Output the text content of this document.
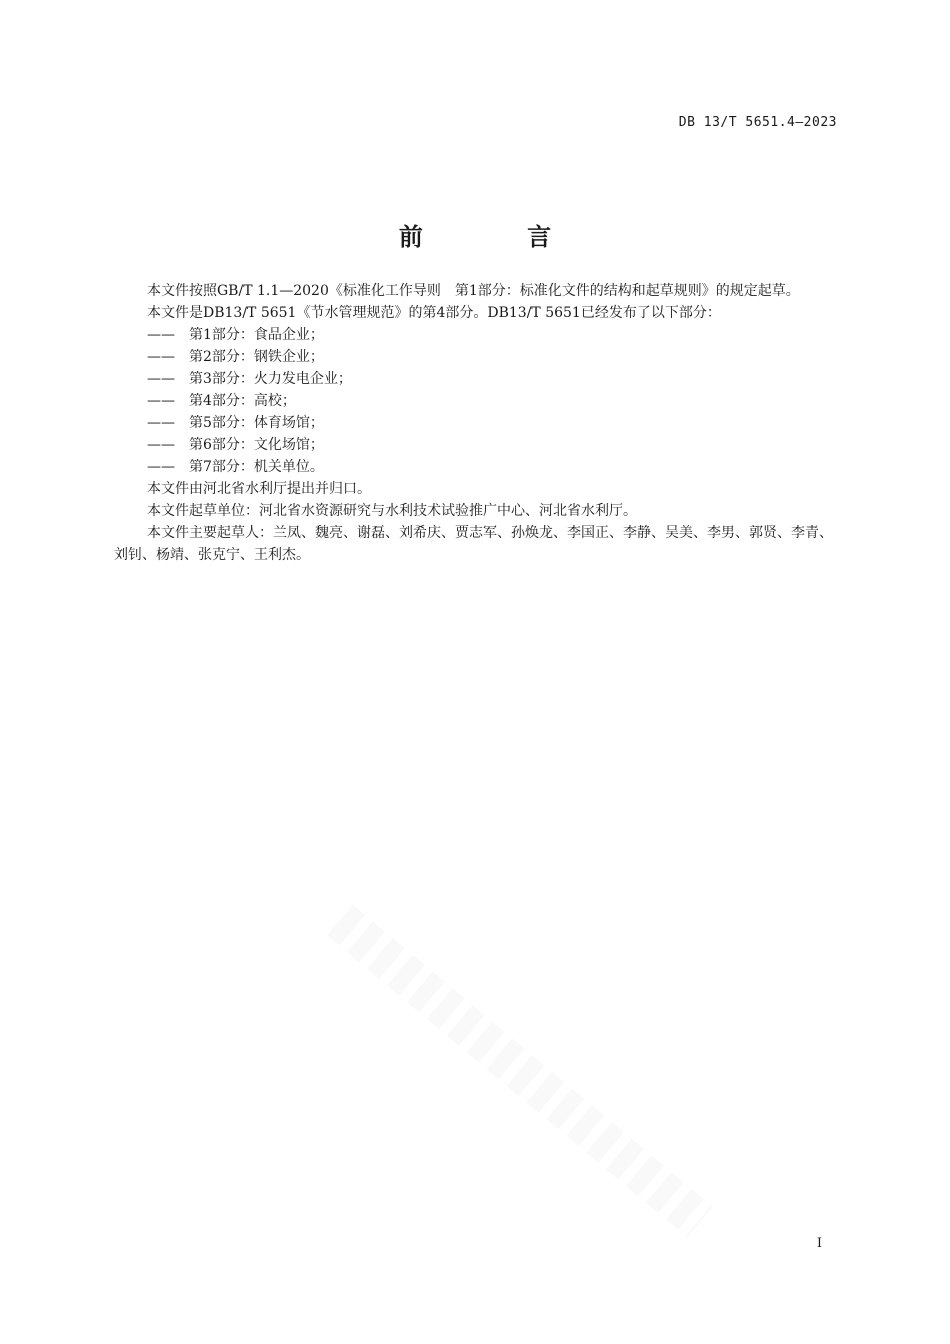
DB 13/T 5651.4—2023
前 言

本文件按照GB/T 1.1—2020《标准化工作导则　第1部分：标准化文件的结构和起草规则》的规定起草。

本文件是DB13/T 5651《节水管理规范》的第4部分。DB13/T 5651已经发布了以下部分：

—— 第1部分：食品企业；
—— 第2部分：钢铁企业；
—— 第3部分：火力发电企业；
—— 第4部分：高校；
—— 第5部分：体育场馆；
—— 第6部分：文化场馆；
—— 第7部分：机关单位。

本文件由河北省水利厅提出并归口。

本文件起草单位：河北省水资源研究与水利技术试验推广中心、河北省水利厅。

本文件主要起草人：兰凤、魏亮、谢磊、刘希庆、贾志军、孙焕龙、李国正、李静、吴美、李男、郭贤、李青、刘钊、杨靖、张克宁、王利杰。

I
